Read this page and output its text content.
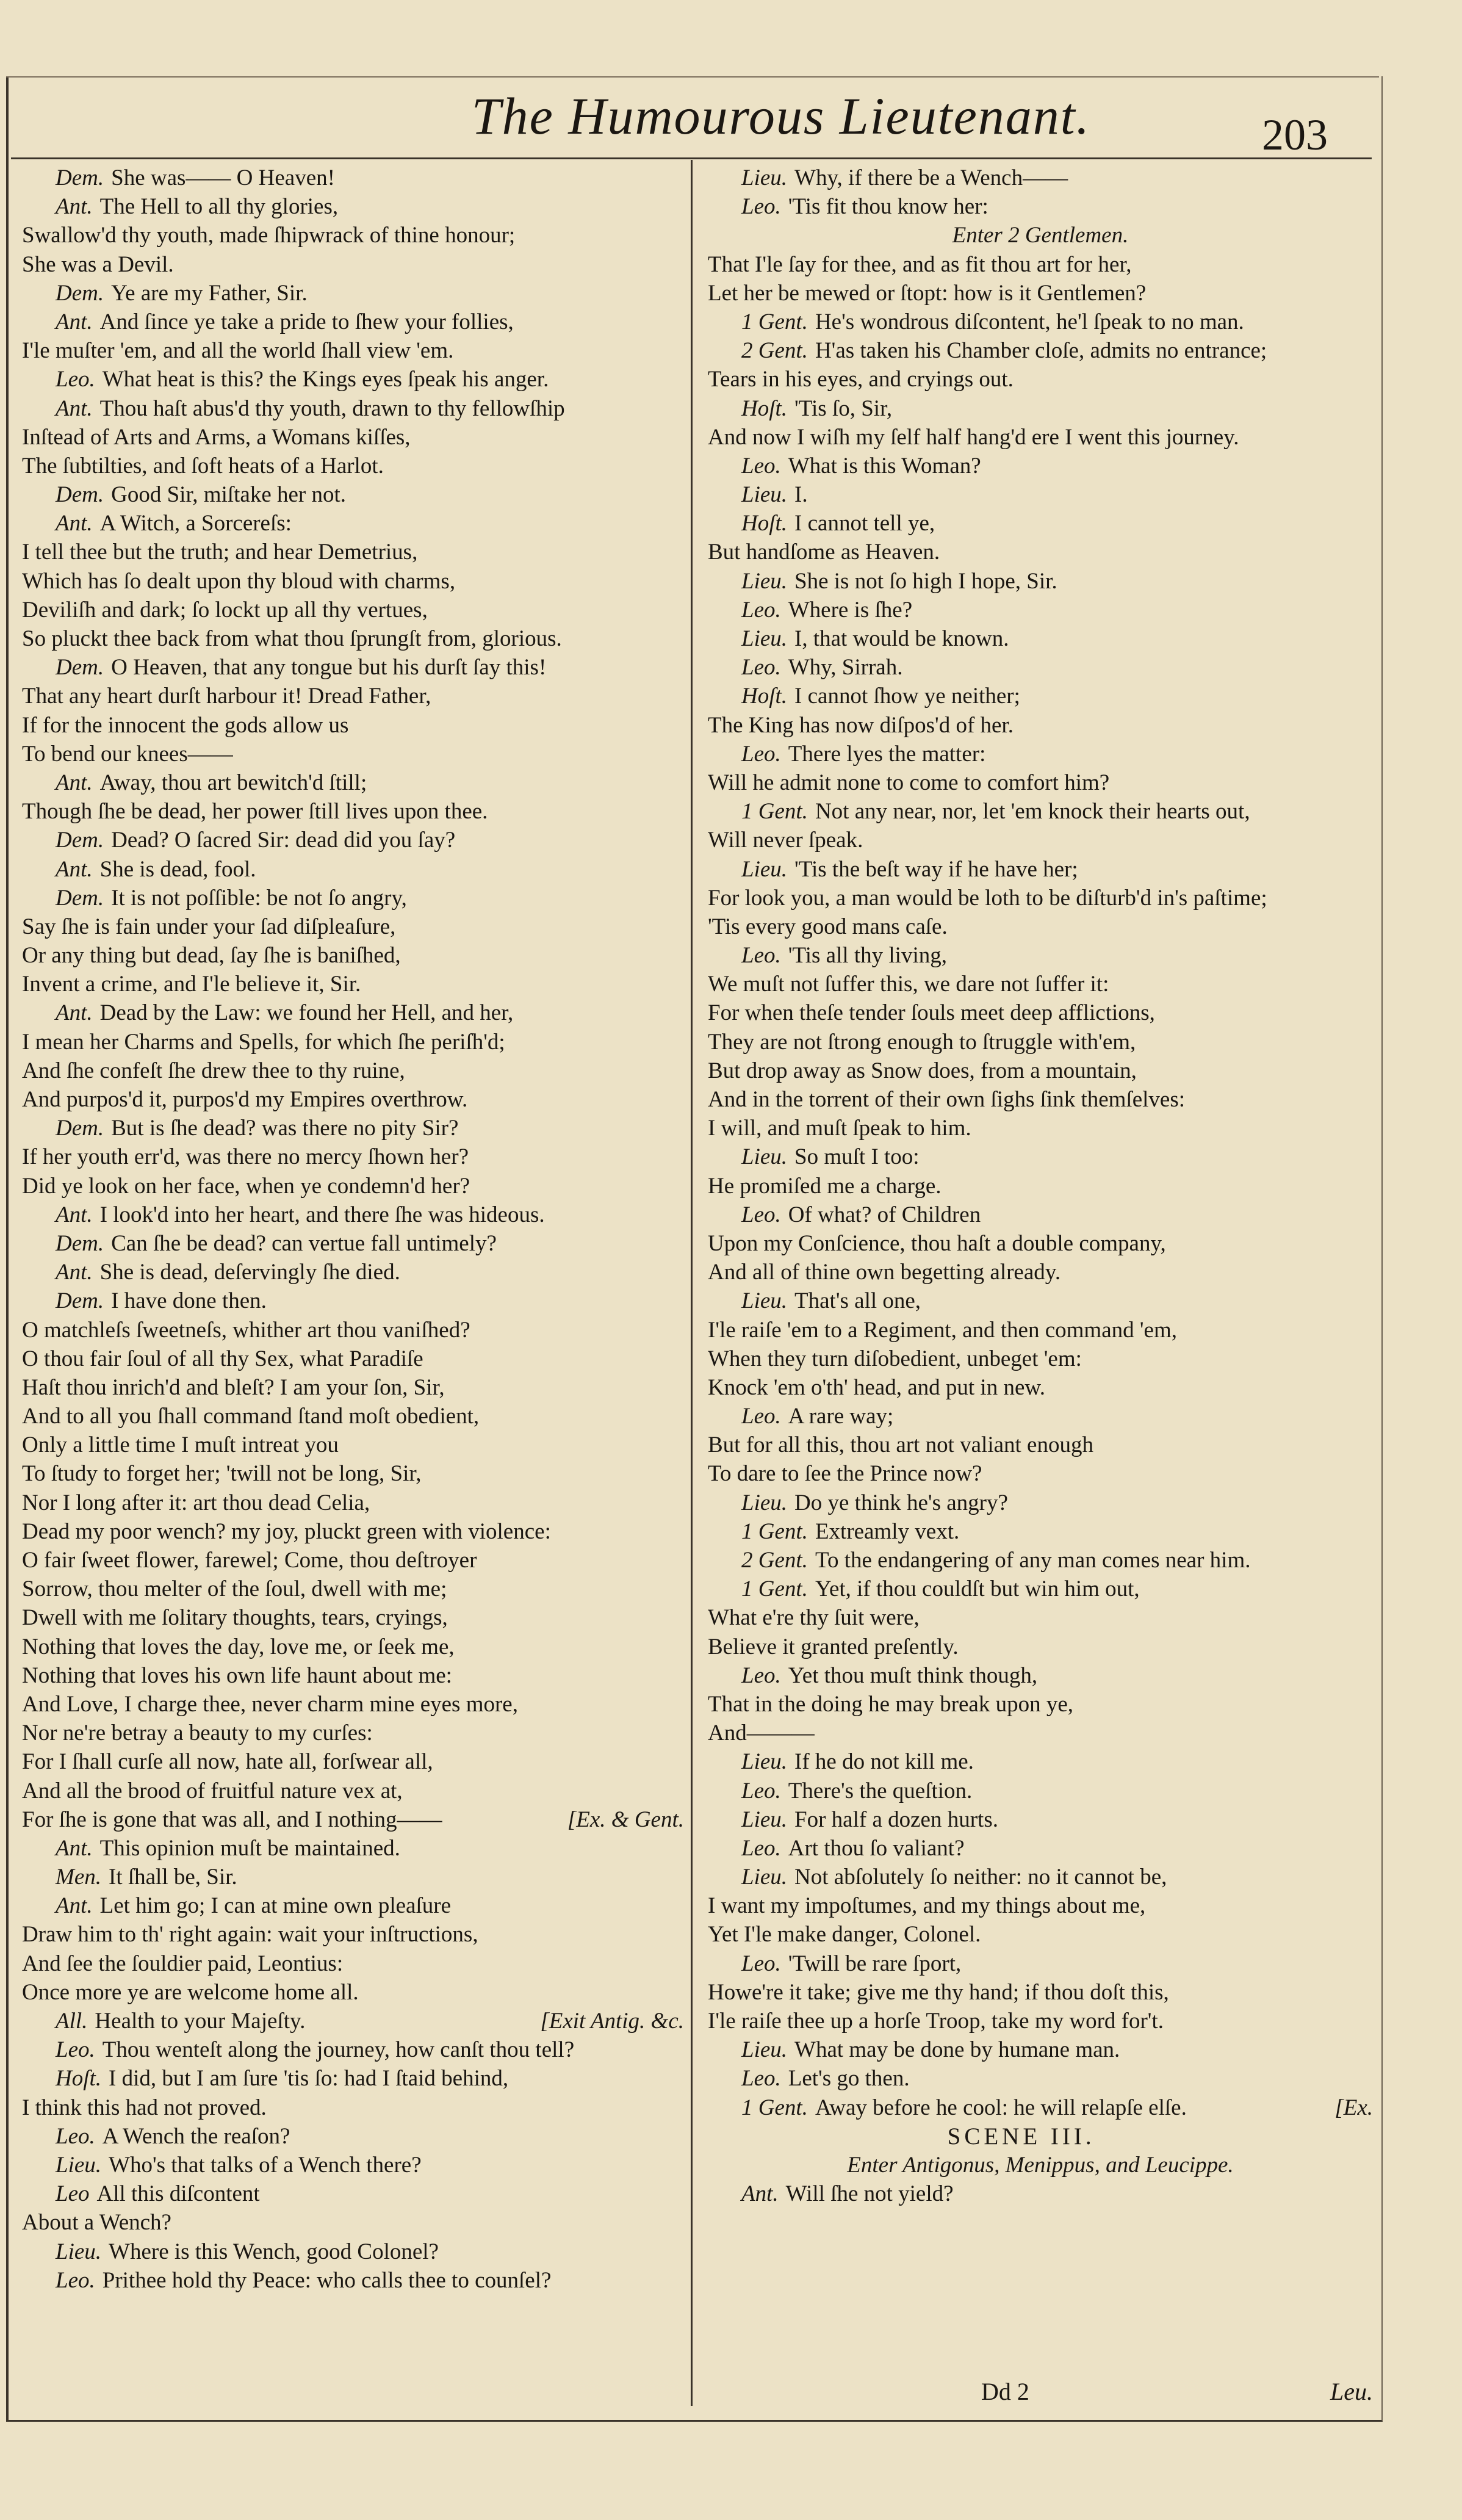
The Humourous Lieutenant.	203
Dem. She was—— O Heaven!
Ant. The Hell to all thy glories,
Swallow'd thy youth, made ſhipwrack of thine honour;
She was a Devil.
Dem. Ye are my Father, Sir.
Ant. And ſince ye take a pride to ſhew your follies,
I'le muſter 'em, and all the world ſhall view 'em.
Leo. What heat is this? the Kings eyes ſpeak his anger.
Ant. Thou haſt abus'd thy youth, drawn to thy fellowſhip
Inſtead of Arts and Arms, a Womans kiſſes,
The ſubtilties, and ſoft heats of a Harlot.
Dem. Good Sir, miſtake her not.
Ant. A Witch, a Sorcereſs:
I tell thee but the truth; and hear Demetrius,
Which has ſo dealt upon thy bloud with charms,
Deviliſh and dark; ſo lockt up all thy vertues,
So pluckt thee back from what thou ſprungſt from, glorious.
Dem. O Heaven, that any tongue but his durſt ſay this!
That any heart durſt harbour it! Dread Father,
If for the innocent the gods allow us
To bend our knees——
Ant. Away, thou art bewitch'd ſtill;
Though ſhe be dead, her power ſtill lives upon thee.
Dem. Dead? O ſacred Sir: dead did you ſay?
Ant. She is dead, fool.
Dem. It is not poſſible: be not ſo angry,
Say ſhe is fain under your ſad diſpleaſure,
Or any thing but dead, ſay ſhe is baniſhed,
Invent a crime, and I'le believe it, Sir.
Ant. Dead by the Law: we found her Hell, and her,
I mean her Charms and Spells, for which ſhe periſh'd;
And ſhe confeſt ſhe drew thee to thy ruine,
And purpos'd it, purpos'd my Empires overthrow.
Dem. But is ſhe dead? was there no pity Sir?
If her youth err'd, was there no mercy ſhown her?
Did ye look on her face, when ye condemn'd her?
Ant. I look'd into her heart, and there ſhe was hideous.
Dem. Can ſhe be dead? can vertue fall untimely?
Ant. She is dead, deſervingly ſhe died.
Dem. I have done then.
O matchleſs ſweetneſs, whither art thou vaniſhed?
O thou fair ſoul of all thy Sex, what Paradiſe
Haſt thou inrich'd and bleſt? I am your ſon, Sir,
And to all you ſhall command ſtand moſt obedient,
Only a little time I muſt intreat you
To ſtudy to forget her; 'twill not be long, Sir,
Nor I long after it: art thou dead Celia,
Dead my poor wench? my joy, pluckt green with violence:
O fair ſweet flower, farewel; Come, thou deſtroyer
Sorrow, thou melter of the ſoul, dwell with me;
Dwell with me ſolitary thoughts, tears, cryings,
Nothing that loves the day, love me, or ſeek me,
Nothing that loves his own life haunt about me:
And Love, I charge thee, never charm mine eyes more,
Nor ne're betray a beauty to my curſes:
For I ſhall curſe all now, hate all, forſwear all,
And all the brood of fruitful nature vex at,
For ſhe is gone that was all, and I nothing——	[Ex. & Gent.
Ant. This opinion muſt be maintained.
Men. It ſhall be, Sir.
Ant. Let him go; I can at mine own pleaſure
Draw him to th' right again: wait your inſtructions,
And ſee the ſouldier paid, Leontius:
Once more ye are welcome home all.
All. Health to your Majeſty.	[Exit Antig. &c.
Leo. Thou wenteſt along the journey, how canſt thou tell?
Hoſt. I did, but I am ſure 'tis ſo: had I ſtaid behind,
I think this had not proved.
Leo. A Wench the reaſon?
Lieu. Who's that talks of a Wench there?
Leo All this diſcontent
About a Wench?
Lieu. Where is this Wench, good Colonel?
Leo. Prithee hold thy Peace: who calls thee to counſel?
Lieu. Why, if there be a Wench——
Leo. 'Tis fit thou know her:
Enter 2 Gentlemen.
That I'le ſay for thee, and as fit thou art for her,
Let her be mewed or ſtopt: how is it Gentlemen?
1 Gent. He's wondrous diſcontent, he'l ſpeak to no man.
2 Gent. H'as taken his Chamber cloſe, admits no entrance;
Tears in his eyes, and cryings out.
Hoſt. 'Tis ſo, Sir,
And now I wiſh my ſelf half hang'd ere I went this journey.
Leo. What is this Woman?
Lieu. I.
Hoſt. I cannot tell ye,
But handſome as Heaven.
Lieu. She is not ſo high I hope, Sir.
Leo. Where is ſhe?
Lieu. I, that would be known.
Leo. Why, Sirrah.
Hoſt. I cannot ſhow ye neither;
The King has now diſpos'd of her.
Leo. There lyes the matter:
Will he admit none to come to comfort him?
1 Gent. Not any near, nor, let 'em knock their hearts out,
Will never ſpeak.
Lieu. 'Tis the beſt way if he have her;
For look you, a man would be loth to be diſturb'd in's paſtime;
'Tis every good mans caſe.
Leo. 'Tis all thy living,
We muſt not ſuffer this, we dare not ſuffer it:
For when theſe tender ſouls meet deep afflictions,
They are not ſtrong enough to ſtruggle with'em,
But drop away as Snow does, from a mountain,
And in the torrent of their own ſighs ſink themſelves:
I will, and muſt ſpeak to him.
Lieu. So muſt I too:
He promiſed me a charge.
Leo. Of what? of Children
Upon my Conſcience, thou haſt a double company,
And all of thine own begetting already.
Lieu. That's all one,
I'le raiſe 'em to a Regiment, and then command 'em,
When they turn diſobedient, unbeget 'em:
Knock 'em o'th' head, and put in new.
Leo. A rare way;
But for all this, thou art not valiant enough
To dare to ſee the Prince now?
Lieu. Do ye think he's angry?
1 Gent. Extreamly vext.
2 Gent. To the endangering of any man comes near him.
1 Gent. Yet, if thou couldſt but win him out,
What e're thy ſuit were,
Believe it granted preſently.
Leo. Yet thou muſt think though,
That in the doing he may break upon ye,
And———
Lieu. If he do not kill me.
Leo. There's the queſtion.
Lieu. For half a dozen hurts.
Leo. Art thou ſo valiant?
Lieu. Not abſolutely ſo neither: no it cannot be,
I want my impoſtumes, and my things about me,
Yet I'le make danger, Colonel.
Leo. 'Twill be rare ſport,
Howe're it take; give me thy hand; if thou doſt this,
I'le raiſe thee up a horſe Troop, take my word for't.
Lieu. What may be done by humane man.
Leo. Let's go then.
1 Gent. Away before he cool: he will relapſe elſe.	[Ex.
SCENE III.
Enter Antigonus, Menippus, and Leucippe.
Ant. Will ſhe not yield?
Dd 2	Leu.
